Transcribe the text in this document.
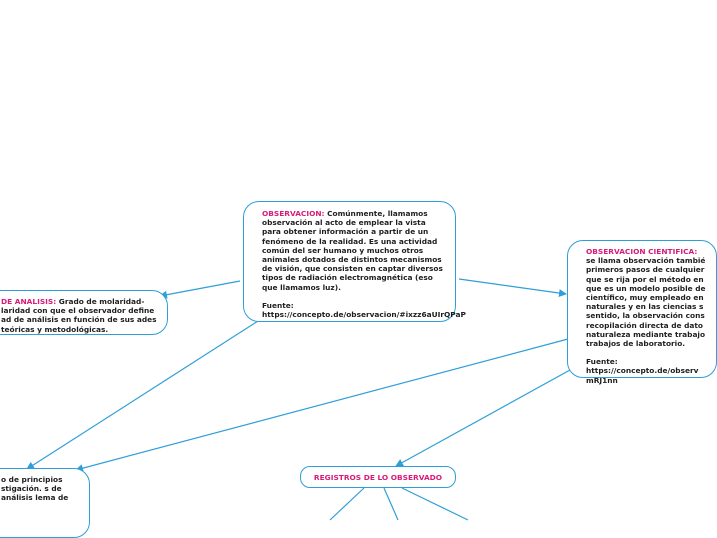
OBSERVACION: Comúnmente, llamamos observación al acto de emplear la vista para obtener información a partir de un fenómeno de la realidad. Es una actividad común del ser humano y muchos otros animales dotados de distintos mecanismos de visión, que consisten en captar diversos tipos de radiación electromagnética (eso que llamamos luz).
Fuente:
https://concepto.de/observacion/#ixzz6aUIrQPaP
OBSERVACION CIENTIFICA:
se llama observación tambié primeros pasos de cualquier que se rija por el método en que es un modelo posible de científico, muy empleado en naturales y en las ciencias s sentido, la observación cons recopilación directa de dato naturaleza mediante trabajo trabajos de laboratorio.
Fuente:
https://concepto.de/observ mRJ1nn
DE ANALISIS: Grado de molaridad- laridad con que el observador define ad de análisis en función de sus ades teóricas y metodológicas.
o de principios stigación. s de análisis lema de
REGISTROS DE LO OBSERVADO
